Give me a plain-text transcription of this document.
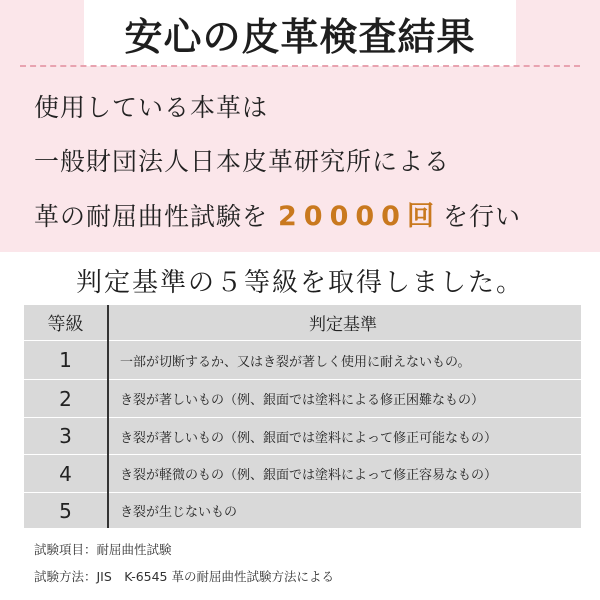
安心の皮革検査結果
使用している本革は
一般財団法人日本皮革研究所による
革の耐屈曲性試験を 20000回を行い
判定基準の５等級を取得しました。
等級	判定基準
1	一部が切断するか、又はき裂が著しく使用に耐えないもの。
2	き裂が著しいもの（例、銀面では塗料による修正困難なもの）
3	き裂が著しいもの（例、銀面では塗料によって修正可能なもの）
4	き裂が軽微のもの（例、銀面では塗料によって修正容易なもの）
5	き裂が生じないもの
試験項目：耐屈曲性試験
試験方法：JIS　K-6545 革の耐屈曲性試験方法による
